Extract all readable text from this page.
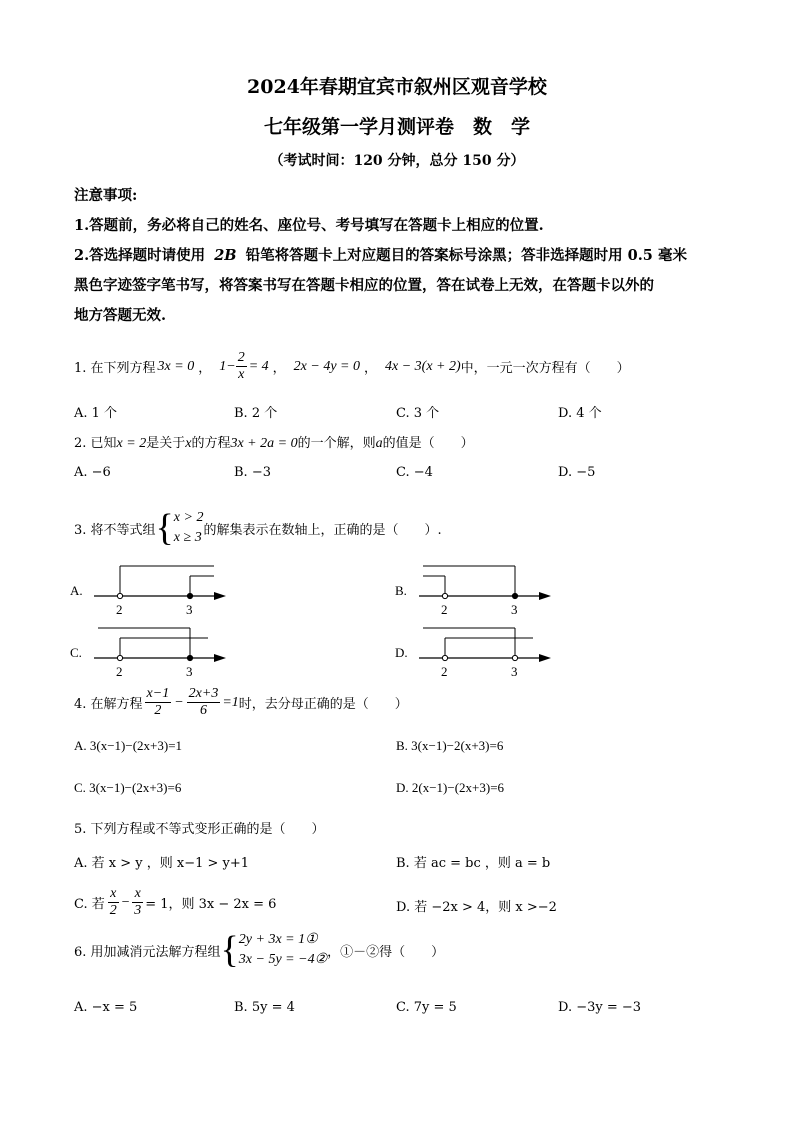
2024年春期宜宾市叙州区观音学校
七年级第一学月测评卷　数　学
（考试时间：120 分钟，总分 150 分）
注意事项:
1.答题前，务必将自己的姓名、座位号、考号填写在答题卡上相应的位置.
2.答选择题时请使用 2B 铅笔将答题卡上对应题目的答案标号涂黑；答非选择题时用 0.5 毫米
黑色字迹签字笔书写，将答案书写在答题卡相应的位置，答在试卷上无效，在答题卡以外的
地方答题无效.
1. 在下列方程 3x = 0 ， $1- \frac{2}{x} = 4$ ， 2x − 4y = 0 ， 4x − 3(x + 2) 中，一元一次方程有（　　）
A. 1 个	B. 2 个	C. 3 个	D. 4 个
2. 已知x = 2是关于x的方程3x + 2a = 0的一个解，则a的值是（　　）
A. −6	B. −3	C. −4	D. −5
3. 将不等式组 { x > 2
x ≥ 3 的解集表示在数轴上，正确的是（　　）.
A.
2	3
B.
2	3
C.
2	3
D.
2	3
4. 在解方程 $\frac{x-1}{2} - \frac{2x+3}{6} =1$ 时，去分母正确的是（　　）
A. 3(x−1)−(2x+3)=1	B. 3(x−1)−2(x+3)=6
C. 3(x−1)−(2x+3)=6	D. 2(x−1)−(2x+3)=6
5. 下列方程或不等式变形正确的是（　　）
A. 若 x > y ，则 x−1 > y+1	B. 若 ac = bc ，则 a = b
C. 若 $\frac{x}{2} - \frac{x}{3} = 1$，则 3x − 2x = 6	D. 若 −2x > 4，则 x >−2
6. 用加减消元法解方程组 { 2y + 3x = 1①
3x − 5y = −4② ，①－②得（　　）
A. −x = 5	B. 5y = 4	C. 7y = 5	D. −3y = −3
